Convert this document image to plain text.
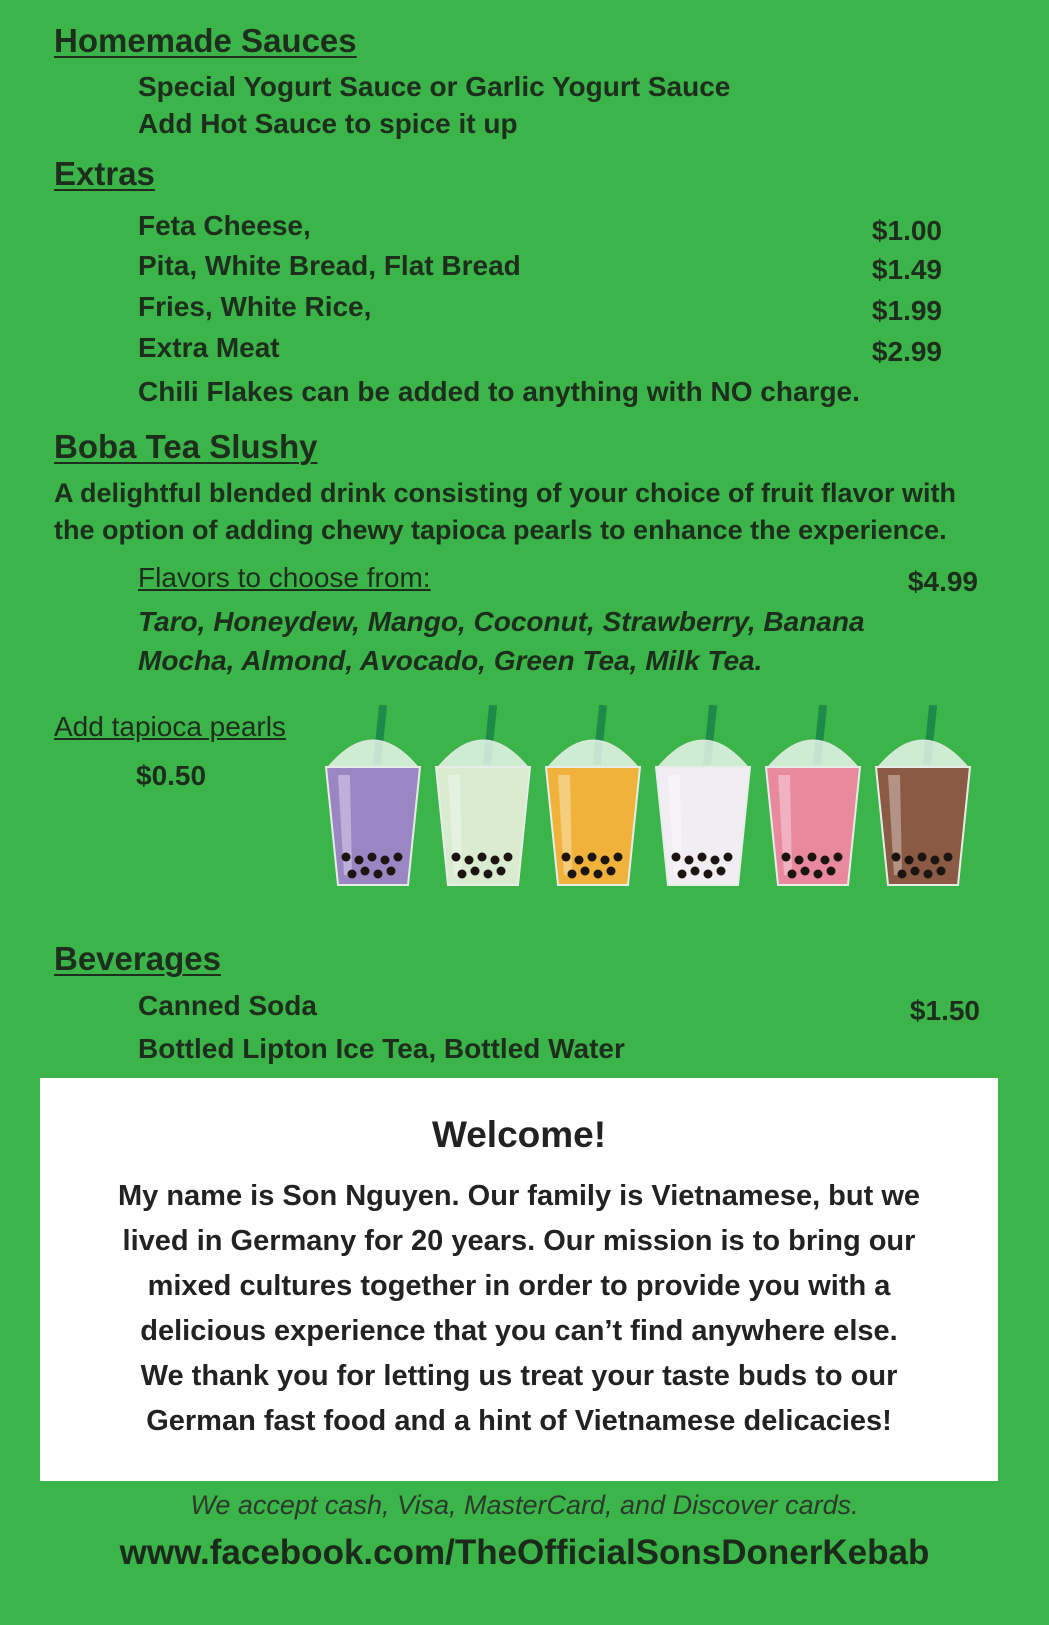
Homemade Sauces
Special Yogurt Sauce or Garlic Yogurt Sauce
Add Hot Sauce to spice it up
Extras
Feta Cheese,	$1.00
Pita, White Bread, Flat Bread	$1.49
Fries, White Rice,	$1.99
Extra Meat	$2.99
Chili Flakes can be added to anything with NO charge.
Boba Tea Slushy
A delightful blended drink consisting of your choice of fruit flavor with
the option of adding chewy tapioca pearls to enhance the experience.
Flavors to choose from:	$4.99
Taro, Honeydew, Mango, Coconut, Strawberry, Banana
Mocha, Almond, Avocado, Green Tea, Milk Tea.
Add tapioca pearls
$0.50
Beverages
Canned Soda	$1.50
Bottled Lipton Ice Tea, Bottled Water
Welcome!
My name is Son Nguyen. Our family is Vietnamese, but we
lived in Germany for 20 years. Our mission is to bring our
mixed cultures together in order to provide you with a
delicious experience that you can’t find anywhere else.
We thank you for letting us treat your taste buds to our
German fast food and a hint of Vietnamese delicacies!
We accept cash, Visa, MasterCard, and Discover cards.
www.facebook.com/TheOfficialSonsDonerKebab
